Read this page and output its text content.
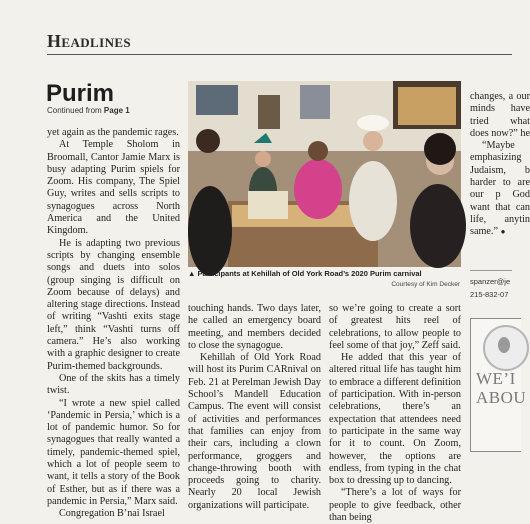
Headlines
Purim
Continued from Page 1

yet again as the pandemic rages.

At Temple Sholom in Broomall, Cantor Jamie Marx is busy adapting Purim spiels for Zoom. His company, The Spiel Guy, writes and sells scripts to synagogues across North America and the United Kingdom.

He is adapting two previous scripts by changing ensemble songs and duets into solos (group singing is difficult on Zoom because of delays) and altering stage directions. Instead of writing “Vashti exits stage left,” think “Vashti turns off camera.” He’s also working with a graphic designer to create Purim-themed backgrounds.

One of the skits has a timely twist.

“I wrote a new spiel called ‘Pandemic in Persia,’ which is a lot of pandemic humor. So for synagogues that really wanted a timely, pandemic-themed spiel, which a lot of people seem to want, it tells a story of the Book of Esther, but as if there was a pandemic in Persia,” Marx said.

Congregation B’nai Israel

▲ Participants at Kehillah of Old York Road’s 2020 Purim carnival
Courtesy of Kim Decker

touching hands. Two days later, he called an emergency board meeting, and members decided to close the synagogue.

Kehillah of Old York Road will host its Purim CARnival on Feb. 21 at Perelman Jewish Day School’s Mandell Education Campus. The event will consist of activities and performances that families can enjoy from their cars, including a clown performance, groggers and change-throwing booth with proceeds going to charity. Nearly 20 local Jewish organizations will participate.

so we’re going to create a sort of greatest hits reel of celebrations, to allow people to feel some of that joy,” Zeff said.

He added that this year of altered ritual life has taught him to embrace a different definition of participation. With in-person celebrations, there’s an expectation that attendees need to participate in the same way for it to count. On Zoom, however, the options are endless, from typing in the chat box to dressing up to dancing.

“There’s a lot of ways for people to give feedback, other than being

changes, a our minds have tried what does now?” he

“Maybe emphasizing Judaism, b harder to are our p God want that can life, anytin same.” ●

spanzer@je
215-832-07
WE’I
ABOU
